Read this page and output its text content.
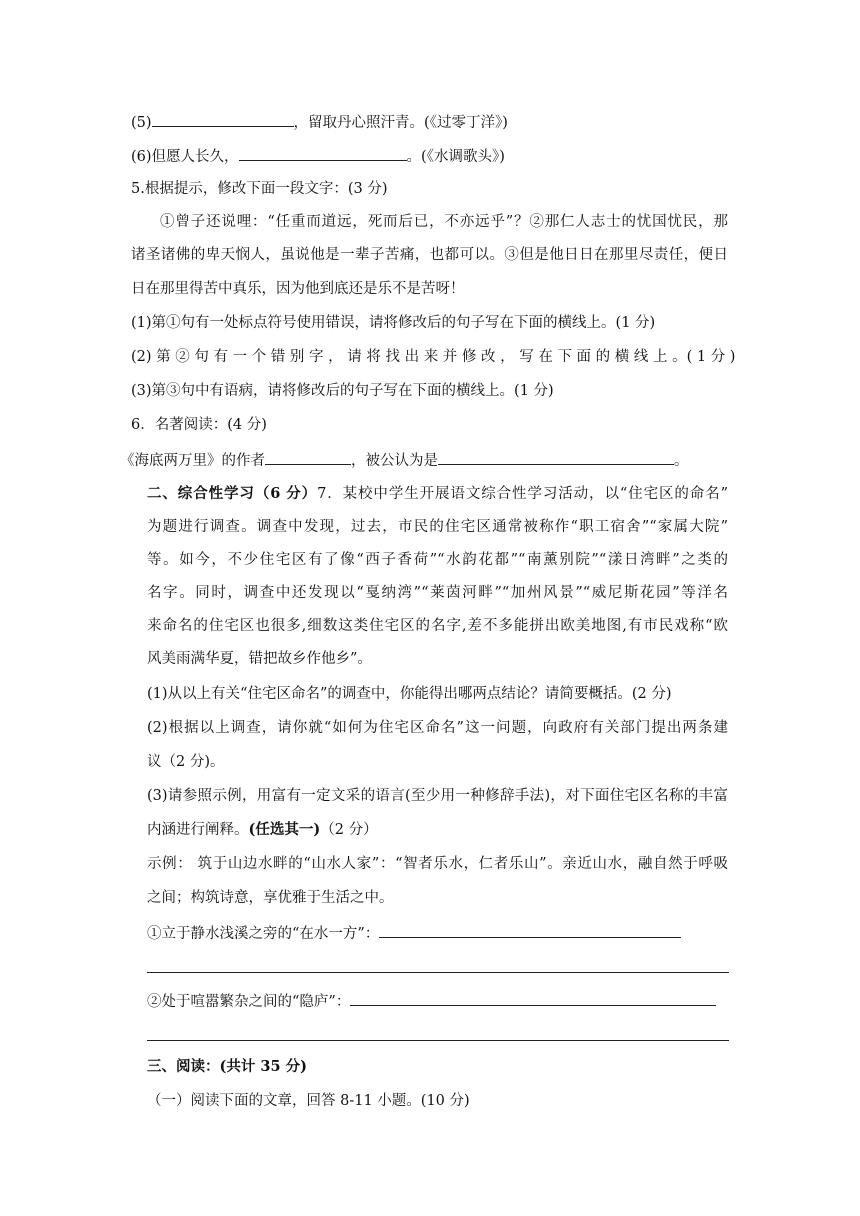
(5)	，留取丹心照汗青。(《过零丁洋》)
(6)但愿人长久，	。(《水调歌头》)
5.根据提示，修改下面一段文字：(3 分)
①曾子还说哩：“任重而道远，死而后已，不亦远乎”？②那仁人志士的忧国忧民，那
诸圣诸佛的卑天悯人，虽说他是一辈子苦痛，也都可以。③但是他日日在那里尽责任，便日
日在那里得苦中真乐，因为他到底还是乐不是苦呀！
(1)第①句有一处标点符号使用错误，请将修改后的句子写在下面的横线上。(1 分)
(2) 第 ② 句 有 一 个 错 别 字 ， 请 将 找 出 来 并 修 改 ， 写 在 下 面 的 横 线 上 。( 1 分 )
(3)第③句中有语病，请将修改后的句子写在下面的横线上。(1 分)
6．名著阅读：(4 分)
《海底两万里》的作者	，被公认为是	。
二、综合性学习（6 分）7．某校中学生开展语文综合性学习活动，以“住宅区的命名”
为题进行调查。调查中发现，过去，市民的住宅区通常被称作“职工宿舍”“家属大院”
等。如今，不少住宅区有了像“西子香荷”“水韵花都”“南薰别院”“漾日湾畔”之类的
名字。同时，调查中还发现以“戛纳湾”“莱茵河畔”“加州风景”“威尼斯花园”等洋名
来命名的住宅区也很多,细数这类住宅区的名字,差不多能拼出欧美地图,有市民戏称“欧
风美雨满华夏，错把故乡作他乡”。
(1)从以上有关“住宅区命名”的调查中，你能得出哪两点结论？请简要概括。(2 分)
(2)根据以上调查，请你就“如何为住宅区命名”这一问题，向政府有关部门提出两条建
议（2 分)。
(3)请参照示例，用富有一定文采的语言(至少用一种修辞手法)，对下面住宅区名称的丰富
内涵进行阐释。(任选其一)（2 分）
示例： 筑于山边水畔的“山水人家”：“智者乐水，仁者乐山”。亲近山水，融自然于呼吸
之间；构筑诗意，享优雅于生活之中。
①立于静水浅溪之旁的“在水一方”：
②处于喧嚣繁杂之间的“隐庐”：
三、阅读：(共计 35 分)
（一）阅读下面的文章，回答 8-11 小题。(10 分)
